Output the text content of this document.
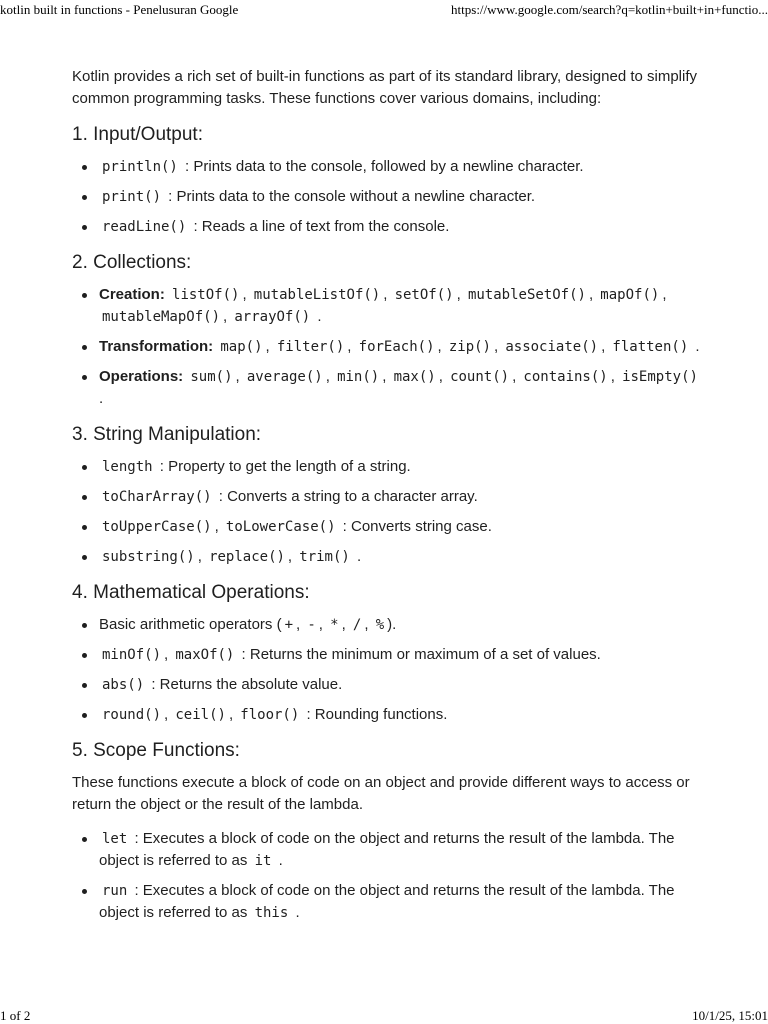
kotlin built in functions - Penelusuran Google	https://www.google.com/search?q=kotlin+built+in+functio...

Kotlin provides a rich set of built-in functions as part of its standard library, designed to simplify common programming tasks. These functions cover various domains, including:

1. Input/Output:
println() : Prints data to the console, followed by a newline character.
print() : Prints data to the console without a newline character.
readLine() : Reads a line of text from the console.
2. Collections:
Creation: listOf() , mutableListOf() , setOf() , mutableSetOf() , mapOf() , mutableMapOf() , arrayOf() .
Transformation: map() , filter() , forEach() , zip() , associate() , flatten() .
Operations: sum() , average() , min() , max() , count() , contains() , isEmpty() .
3. String Manipulation:
length : Property to get the length of a string.
toCharArray() : Converts a string to a character array.
toUpperCase() , toLowerCase() : Converts string case.
substring() , replace() , trim() .
4. Mathematical Operations:
Basic arithmetic operators ( + , - , * , / , % ).
minOf() , maxOf() : Returns the minimum or maximum of a set of values.
abs() : Returns the absolute value.
round() , ceil() , floor() : Rounding functions.
5. Scope Functions:

These functions execute a block of code on an object and provide different ways to access or return the object or the result of the lambda.

let : Executes a block of code on the object and returns the result of the lambda. The object is referred to as it .
run : Executes a block of code on the object and returns the result of the lambda. The object is referred to as this .
1 of 2	10/1/25, 15:01
